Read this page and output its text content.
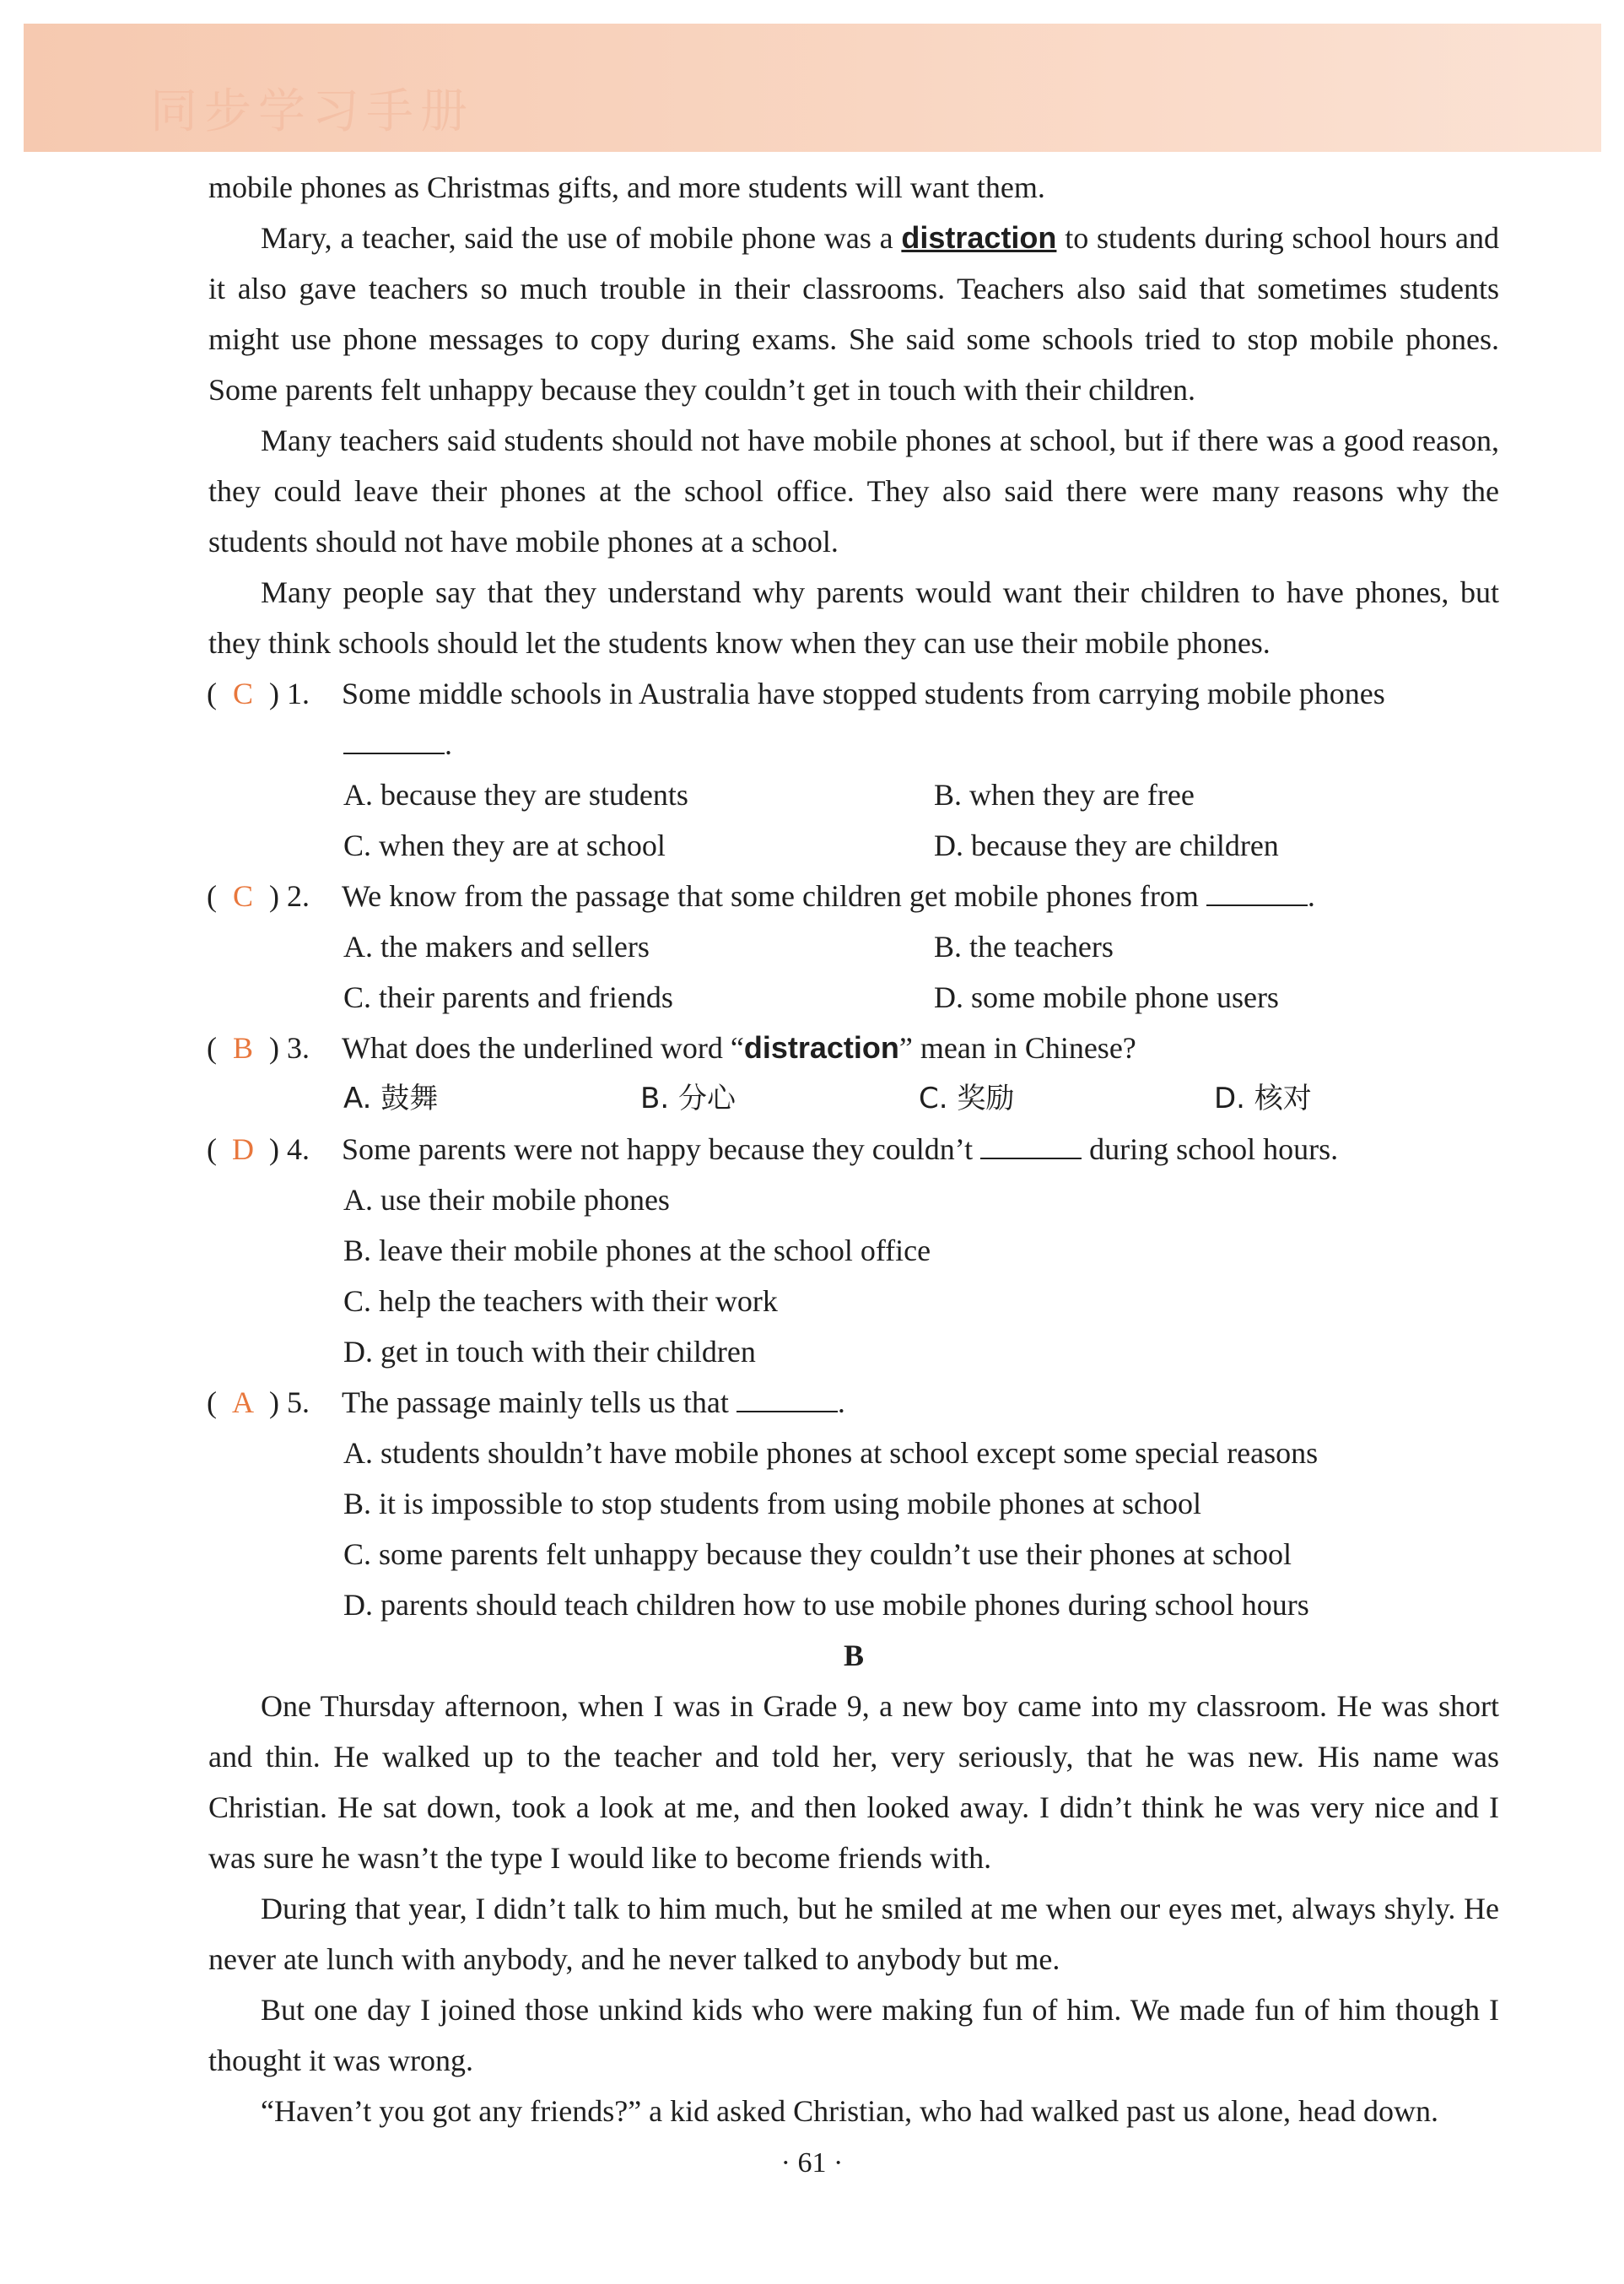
同步学习手册

mobile phones as Christmas gifts, and more students will want them.

Mary, a teacher, said the use of mobile phone was a distraction to students during school hours and it also gave teachers so much trouble in their classrooms. Teachers also said that sometimes students might use phone messages to copy during exams. She said some schools tried to stop mobile phones. Some parents felt unhappy because they couldn’t get in touch with their children.

Many teachers said students should not have mobile phones at school, but if there was a good reason, they could leave their phones at the school office. They also said there were many reasons why the students should not have mobile phones at a school.

Many people say that they understand why parents would want their children to have phones, but they think schools should let the students know when they can use their mobile phones.

( C ) 1.	Some middle schools in Australia have stopped students from carrying mobile phones
.
A. because they are students	B. when they are free
C. when they are at school	D. because they are children
( C ) 2.	We know from the passage that some children get mobile phones from	.
A. the makers and sellers	B. the teachers
C. their parents and friends	D. some mobile phone users
( B ) 3.	What does the underlined word “distraction” mean in Chinese?
A. 鼓舞	B. 分心	C. 奖励	D. 核对
( D ) 4.	Some parents were not happy because they couldn’t	during school hours.
A. use their mobile phones
B. leave their mobile phones at the school office
C. help the teachers with their work
D. get in touch with their children
( A ) 5.	The passage mainly tells us that	.
A. students shouldn’t have mobile phones at school except some special reasons
B. it is impossible to stop students from using mobile phones at school
C. some parents felt unhappy because they couldn’t use their phones at school
D. parents should teach children how to use mobile phones during school hours
B

One Thursday afternoon, when I was in Grade 9, a new boy came into my classroom. He was short and thin. He walked up to the teacher and told her, very seriously, that he was new. His name was Christian. He sat down, took a look at me, and then looked away. I didn’t think he was very nice and I was sure he wasn’t the type I would like to become friends with.

During that year, I didn’t talk to him much, but he smiled at me when our eyes met, always shyly. He never ate lunch with anybody, and he never talked to anybody but me.

But one day I joined those unkind kids who were making fun of him. We made fun of him though I thought it was wrong.

“Haven’t you got any friends?” a kid asked Christian, who had walked past us alone, head down.

· 61 ·
